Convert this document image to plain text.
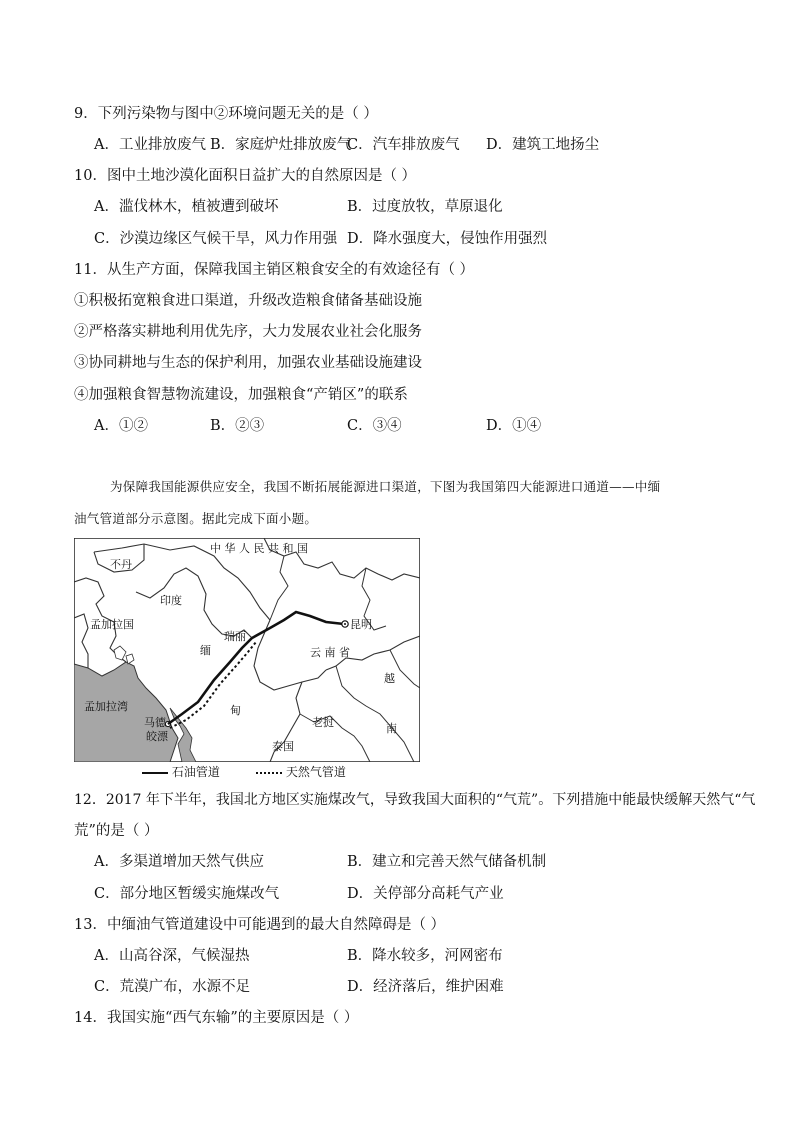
9．下列污染物与图中②环境问题无关的是（ ）
A．工业排放废气 B．家庭炉灶排放废气
C．汽车排放废气 D．建筑工地扬尘
10．图中土地沙漠化面积日益扩大的自然原因是（ ）
A．滥伐林木，植被遭到破坏	B．过度放牧，草原退化
C．沙漠边缘区气候干旱，风力作用强 D．降水强度大，侵蚀作用强烈
11．从生产方面，保障我国主销区粮食安全的有效途径有（ ）
①积极拓宽粮食进口渠道，升级改造粮食储备基础设施
②严格落实耕地利用优先序，大力发展农业社会化服务
③协同耕地与生态的保护利用，加强农业基础设施建设
④加强粮食智慧物流建设，加强粮食“产销区”的联系
A．①②	B．②③	C．③④	D．①④
为保障我国能源供应安全，我国不断拓展能源进口渠道，下图为我国第四大能源进口通道——中缅
油气管道部分示意图。据此完成下面小题。
中 华 人 民 共 和 国
不丹
印度
孟加拉国
缅
甸
瑞丽
昆明
云 南 省
越
南
老挝
泰国
孟加拉湾
马德
皎漂
石油管道	天然气管道
12．2017 年下半年，我国北方地区实施煤改气，导致我国大面积的“气荒”。下列措施中能最快缓解天然气“气
荒”的是（ ）
A．多渠道增加天然气供应	B．建立和完善天然气储备机制
C．部分地区暂缓实施煤改气	D．关停部分高耗气产业
13．中缅油气管道建设中可能遇到的最大自然障碍是（ ）
A．山高谷深，气候湿热	B．降水较多，河网密布
C．荒漠广布，水源不足	D．经济落后，维护困难
14．我国实施“西气东输”的主要原因是（ ）
